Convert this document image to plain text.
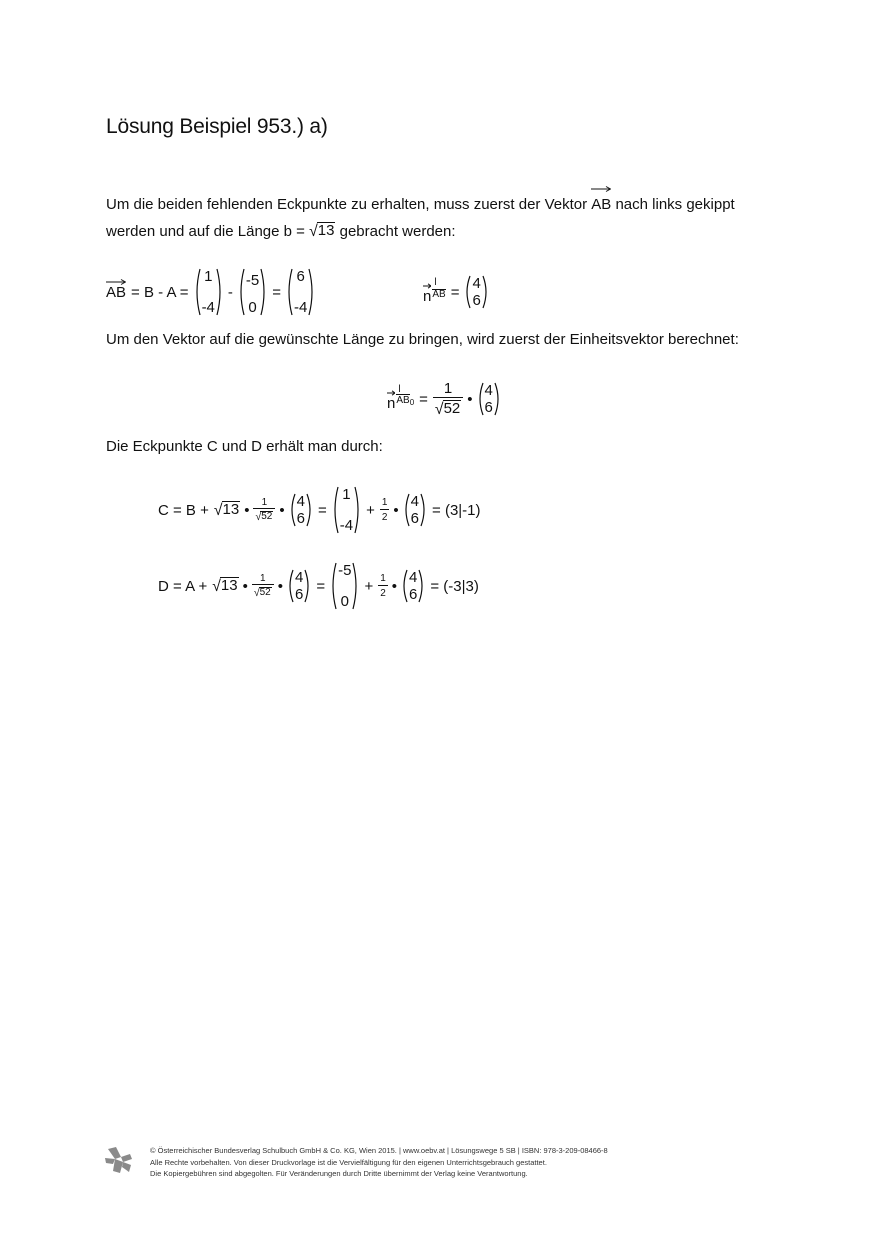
Lösung Beispiel 953.) a)
Um die beiden fehlenden Eckpunkte zu erhalten, muss zuerst der Vektor AB nach links gekippt
werden und auf die Länge b = √ 13 gebracht werden:
AB = B - A =
1
-4
-
-5
0
=
6
-4
n
l
AB = 4
6
Um den Vektor auf die gewünschte Länge zu bringen, wird zuerst der Einheitsvektor berechnet:
n
l
$AB_0 = \frac{1}{√ 52}$ • 4
6
Die Eckpunkte C und D erhält man durch:
C = B + √ 13 • $\frac{1}{√ 52}$ • 4
6 =
1
-4
+ $\frac{1}{2}$ • 4
6 = (3|-1)
D = A + √ 13 • $\frac{1}{√ 52}$ • 4
6 =
-5
0
+ $\frac{1}{2}$ • 4
6 = (-3|3)
© Österreichischer Bundesverlag Schulbuch GmbH & Co. KG, Wien 2015. | www.oebv.at | Lösungswege 5 SB | ISBN: 978-3-209-08466-8
Alle Rechte vorbehalten. Von dieser Druckvorlage ist die Vervielfältigung für den eigenen Unterrichtsgebrauch gestattet.
Die Kopiergebühren sind abgegolten. Für Veränderungen durch Dritte übernimmt der Verlag keine Verantwortung.
